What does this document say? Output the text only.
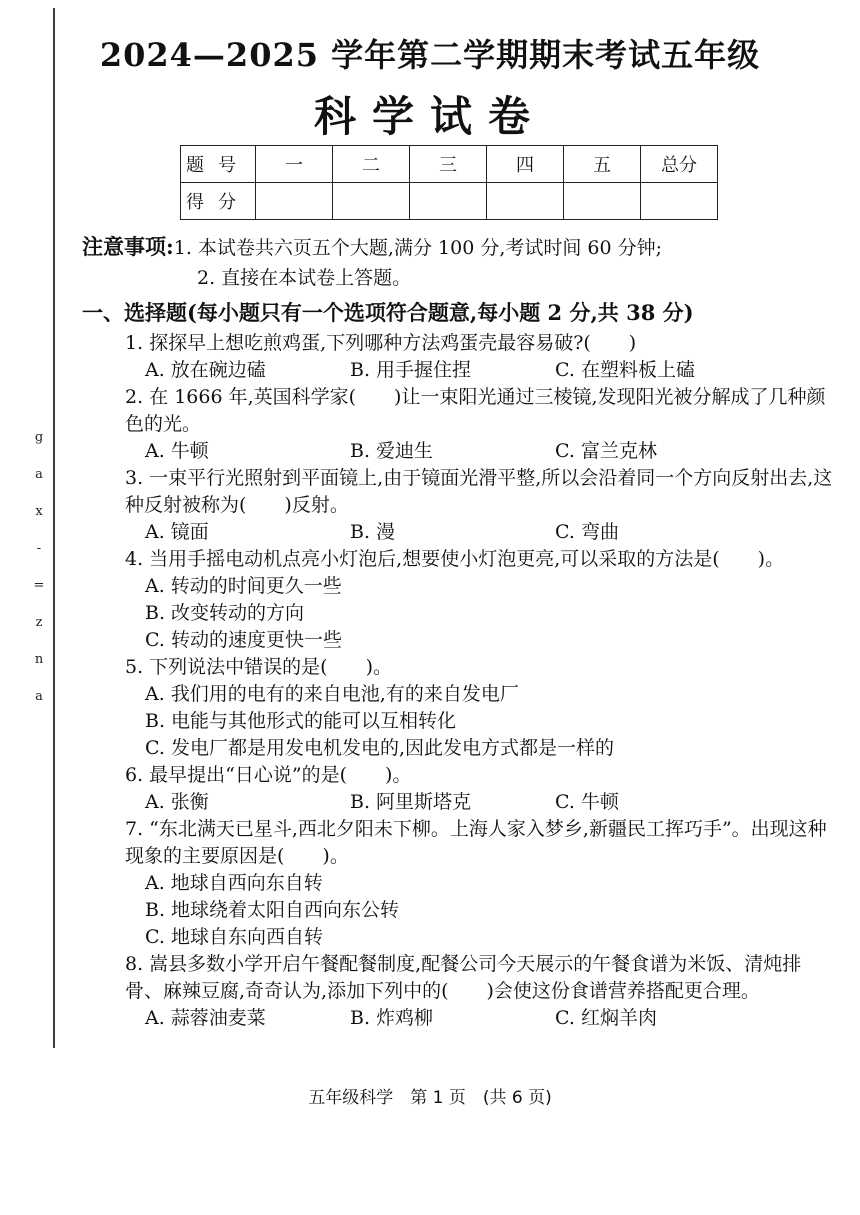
g
a
x
-
=
z
n
a
2024—2025 学年第二学期期末考试五年级
科学试卷
题号	一	二	三	四	五	总分
得分						
注意事项:1. 本试卷共六页五个大题,满分 100 分,考试时间 60 分钟;
2. 直接在本试卷上答题。
一、选择题(每小题只有一个选项符合题意,每小题 2 分,共 38 分)

1. 探探早上想吃煎鸡蛋,下列哪种方法鸡蛋壳最容易破?(　　)

A. 放在碗边磕	B. 用手握住捏	C. 在塑料板上磕

2. 在 1666 年,英国科学家(　　)让一束阳光通过三棱镜,发现阳光被分解成了几种颜色的光。

A. 牛顿	B. 爱迪生	C. 富兰克林

3. 一束平行光照射到平面镜上,由于镜面光滑平整,所以会沿着同一个方向反射出去,这种反射被称为(　　)反射。

A. 镜面	B. 漫	C. 弯曲

4. 当用手摇电动机点亮小灯泡后,想要使小灯泡更亮,可以采取的方法是(　　)。

A. 转动的时间更久一些
B. 改变转动的方向
C. 转动的速度更快一些

5. 下列说法中错误的是(　　)。

A. 我们用的电有的来自电池,有的来自发电厂
B. 电能与其他形式的能可以互相转化
C. 发电厂都是用发电机发电的,因此发电方式都是一样的

6. 最早提出“日心说”的是(　　)。

A. 张衡	B. 阿里斯塔克	C. 牛顿

7. “东北满天已星斗,西北夕阳未下柳。上海人家入梦乡,新疆民工挥巧手”。出现这种现象的主要原因是(　　)。

A. 地球自西向东自转
B. 地球绕着太阳自西向东公转
C. 地球自东向西自转

8. 嵩县多数小学开启午餐配餐制度,配餐公司今天展示的午餐食谱为米饭、清炖排骨、麻辣豆腐,奇奇认为,添加下列中的(　　)会使这份食谱营养搭配更合理。

A. 蒜蓉油麦菜	B. 炸鸡柳	C. 红焖羊肉
五年级科学　第 1 页　(共 6 页)
